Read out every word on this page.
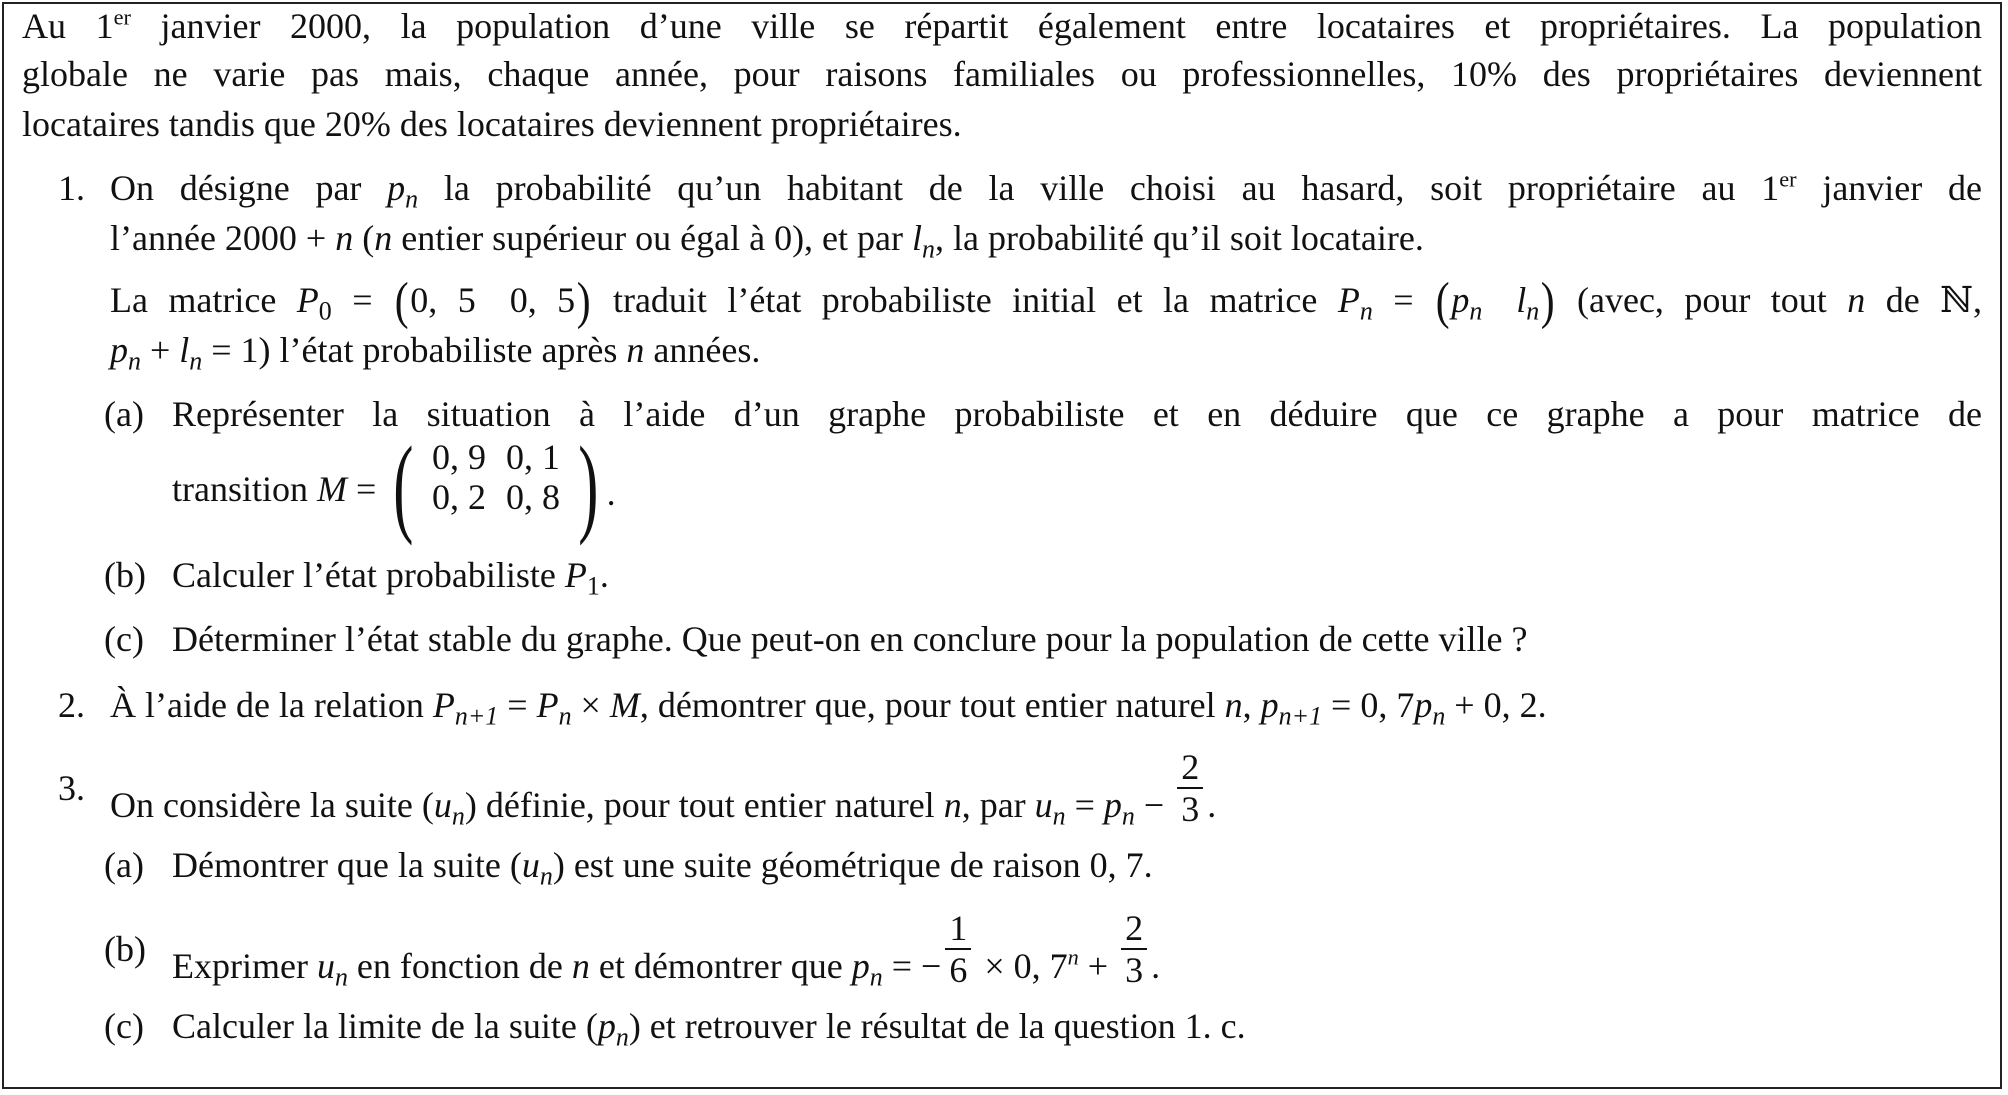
Au 1er janvier 2000, la population d’une ville se répartit également entre locataires et propriétaires. La population
globale ne varie pas mais, chaque année, pour raisons familiales ou professionnelles, 10% des propriétaires deviennent
locataires tandis que 20% des locataires deviennent propriétaires.
1. On désigne par $p_n$ la probabilité qu’un habitant de la ville choisi au hasard, soit propriétaire au 1er janvier de
l’année 2000 + n (n entier supérieur ou égal à 0), et par $l_n$, la probabilité qu’il soit locataire.
La matrice $P_0 = (0$, 5 0, 5) traduit l’état probabiliste initial et la matrice $P_n = (p_n$ $l_n$) (avec, pour tout n de ℕ,
$p_n + l_n = 1$) l’état probabiliste après n années.
(a) Représenter la situation à l’aide d’un graphe probabiliste et en déduire que ce graphe a pour matrice de
transition M = ( 0, 9	0, 1
0, 2	0, 8 ) .
(b) Calculer l’état probabiliste $P_1$.
(c) Déterminer l’état stable du graphe. Que peut-on en conclure pour la population de cette ville ?
2. À l’aide de la relation $P_{n+1} = P_n \times M$, démontrer que, pour tout entier naturel n, $p_{n+1} = 0$, $7p_n + 0$, 2.
3. On considère la suite $(u_n)$ définie, pour tout entier naturel n, par $u_n = p_n - \frac{2}{3}$ .
(a) Démontrer que la suite $(u_n)$ est une suite géométrique de raison 0, 7.
(b) Exprimer $u_n$ en fonction de n et démontrer que $p_n$ = − $\frac{1}{6} \times 0$, $7^n + \frac{2}{3}$ .
(c) Calculer la limite de la suite $(p_n)$ et retrouver le résultat de la question 1. c.
